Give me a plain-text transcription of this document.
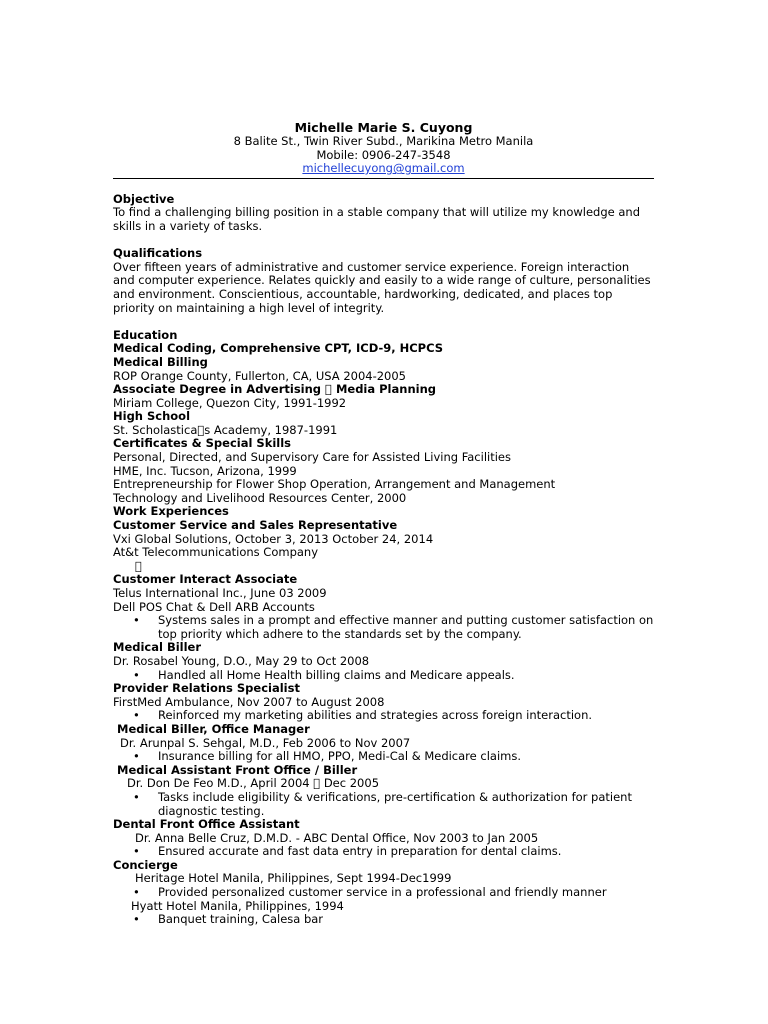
Michelle Marie S. Cuyong
8 Balite St., Twin River Subd., Marikina Metro Manila
Mobile: 0906-247-3548
michellecuyong@gmail.com
Objective

To find a challenging billing position in a stable company that will utilize my knowledge and skills in a variety of tasks.

Qualifications

Over fifteen years of administrative and customer service experience. Foreign interaction and computer experience. Relates quickly and easily to a wide range of culture, personalities and environment. Conscientious, accountable, hardworking, dedicated, and places top priority on maintaining a high level of integrity.

Education
Medical Coding, Comprehensive CPT, ICD-9, HCPCS
Medical Billing
ROP Orange County, Fullerton, CA, USA 2004-2005
Associate Degree in Advertising Media Planning
Miriam College, Quezon City, 1991-1992
High School
St. Scholastica s Academy, 1987-1991
Certificates & Special Skills
Personal, Directed, and Supervisory Care for Assisted Living Facilities
HME, Inc. Tucson, Arizona, 1999
Entrepreneurship for Flower Shop Operation, Arrangement and Management
Technology and Livelihood Resources Center, 2000
Work Experiences
Customer Service and Sales Representative
Vxi Global Solutions, October 3, 2013 October 24, 2014
At&t Telecommunications Company
Customer Interact Associate
Telus International Inc., June 03 2009
Dell POS Chat & Dell ARB Accounts
• Systems sales in a prompt and effective manner and putting customer satisfaction on top priority which adhere to the standards set by the company.
Medical Biller
Dr. Rosabel Young, D.O., May 29 to Oct 2008
• Handled all Home Health billing claims and Medicare appeals.
Provider Relations Specialist
FirstMed Ambulance, Nov 2007 to August 2008
• Reinforced my marketing abilities and strategies across foreign interaction.
Medical Biller, Office Manager
Dr. Arunpal S. Sehgal, M.D., Feb 2006 to Nov 2007
• Insurance billing for all HMO, PPO, Medi-Cal & Medicare claims.
Medical Assistant Front Office / Biller
Dr. Don De Feo M.D., April 2004 Dec 2005
• Tasks include eligibility & verifications, pre-certification & authorization for patient diagnostic testing.
Dental Front Office Assistant
Dr. Anna Belle Cruz, D.M.D. - ABC Dental Office, Nov 2003 to Jan 2005
• Ensured accurate and fast data entry in preparation for dental claims.
Concierge
Heritage Hotel Manila, Philippines, Sept 1994-Dec1999
• Provided personalized customer service in a professional and friendly manner
Hyatt Hotel Manila, Philippines, 1994
• Banquet training, Calesa bar
